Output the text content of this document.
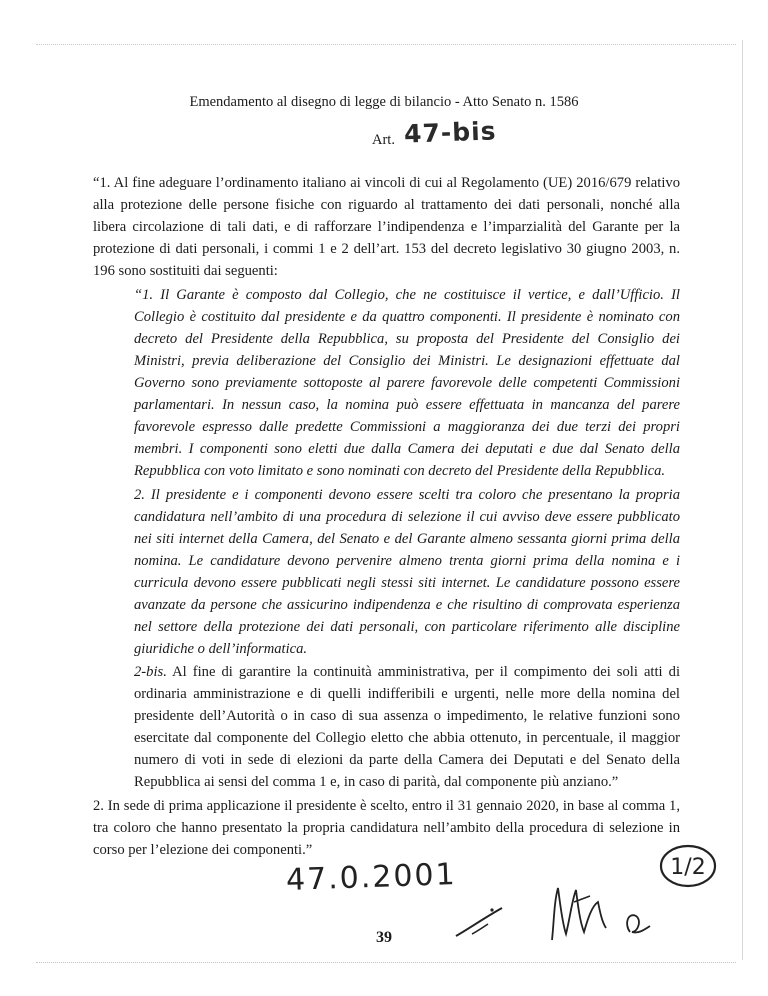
Emendamento al disegno di legge di bilancio - Atto Senato n. 1586
Art. 47-bis

“1. Al fine adeguare l’ordinamento italiano ai vincoli di cui al Regolamento (UE) 2016/679 relativo alla protezione delle persone fisiche con riguardo al trattamento dei dati personali, nonché alla libera circolazione di tali dati, e di rafforzare l’indipendenza e l’imparzialità del Garante per la protezione di dati personali, i commi 1 e 2 dell’art. 153 del decreto legislativo 30 giugno 2003, n. 196 sono sostituiti dai seguenti:

“1. Il Garante è composto dal Collegio, che ne costituisce il vertice, e dall’Ufficio. Il Collegio è costituito dal presidente e da quattro componenti. Il presidente è nominato con decreto del Presidente della Repubblica, su proposta del Presidente del Consiglio dei Ministri, previa deliberazione del Consiglio dei Ministri. Le designazioni effettuate dal Governo sono previamente sottoposte al parere favorevole delle competenti Commissioni parlamentari. In nessun caso, la nomina può essere effettuata in mancanza del parere favorevole espresso dalle predette Commissioni a maggioranza dei due terzi dei propri membri. I componenti sono eletti due dalla Camera dei deputati e due dal Senato della Repubblica con voto limitato e sono nominati con decreto del Presidente della Repubblica.

2. Il presidente e i componenti devono essere scelti tra coloro che presentano la propria candidatura nell’ambito di una procedura di selezione il cui avviso deve essere pubblicato nei siti internet della Camera, del Senato e del Garante almeno sessanta giorni prima della nomina. Le candidature devono pervenire almeno trenta giorni prima della nomina e i curricula devono essere pubblicati negli stessi siti internet. Le candidature possono essere avanzate da persone che assicurino indipendenza e che risultino di comprovata esperienza nel settore della protezione dei dati personali, con particolare riferimento alle discipline giuridiche o dell’informatica.

2-bis. Al fine di garantire la continuità amministrativa, per il compimento dei soli atti di ordinaria amministrazione e di quelli indifferibili e urgenti, nelle more della nomina del presidente dell’Autorità o in caso di sua assenza o impedimento, le relative funzioni sono esercitate dal componente del Collegio eletto che abbia ottenuto, in percentuale, il maggior numero di voti in sede di elezioni da parte della Camera dei Deputati e del Senato della Repubblica ai sensi del comma 1 e, in caso di parità, dal componente più anziano.”

2. In sede di prima applicazione il presidente è scelto, entro il 31 gennaio 2020, in base al comma 1, tra coloro che hanno presentato la propria candidatura nell’ambito della procedura di selezione in corso per l’elezione dei componenti.”

47.0.2001	1/2
39
